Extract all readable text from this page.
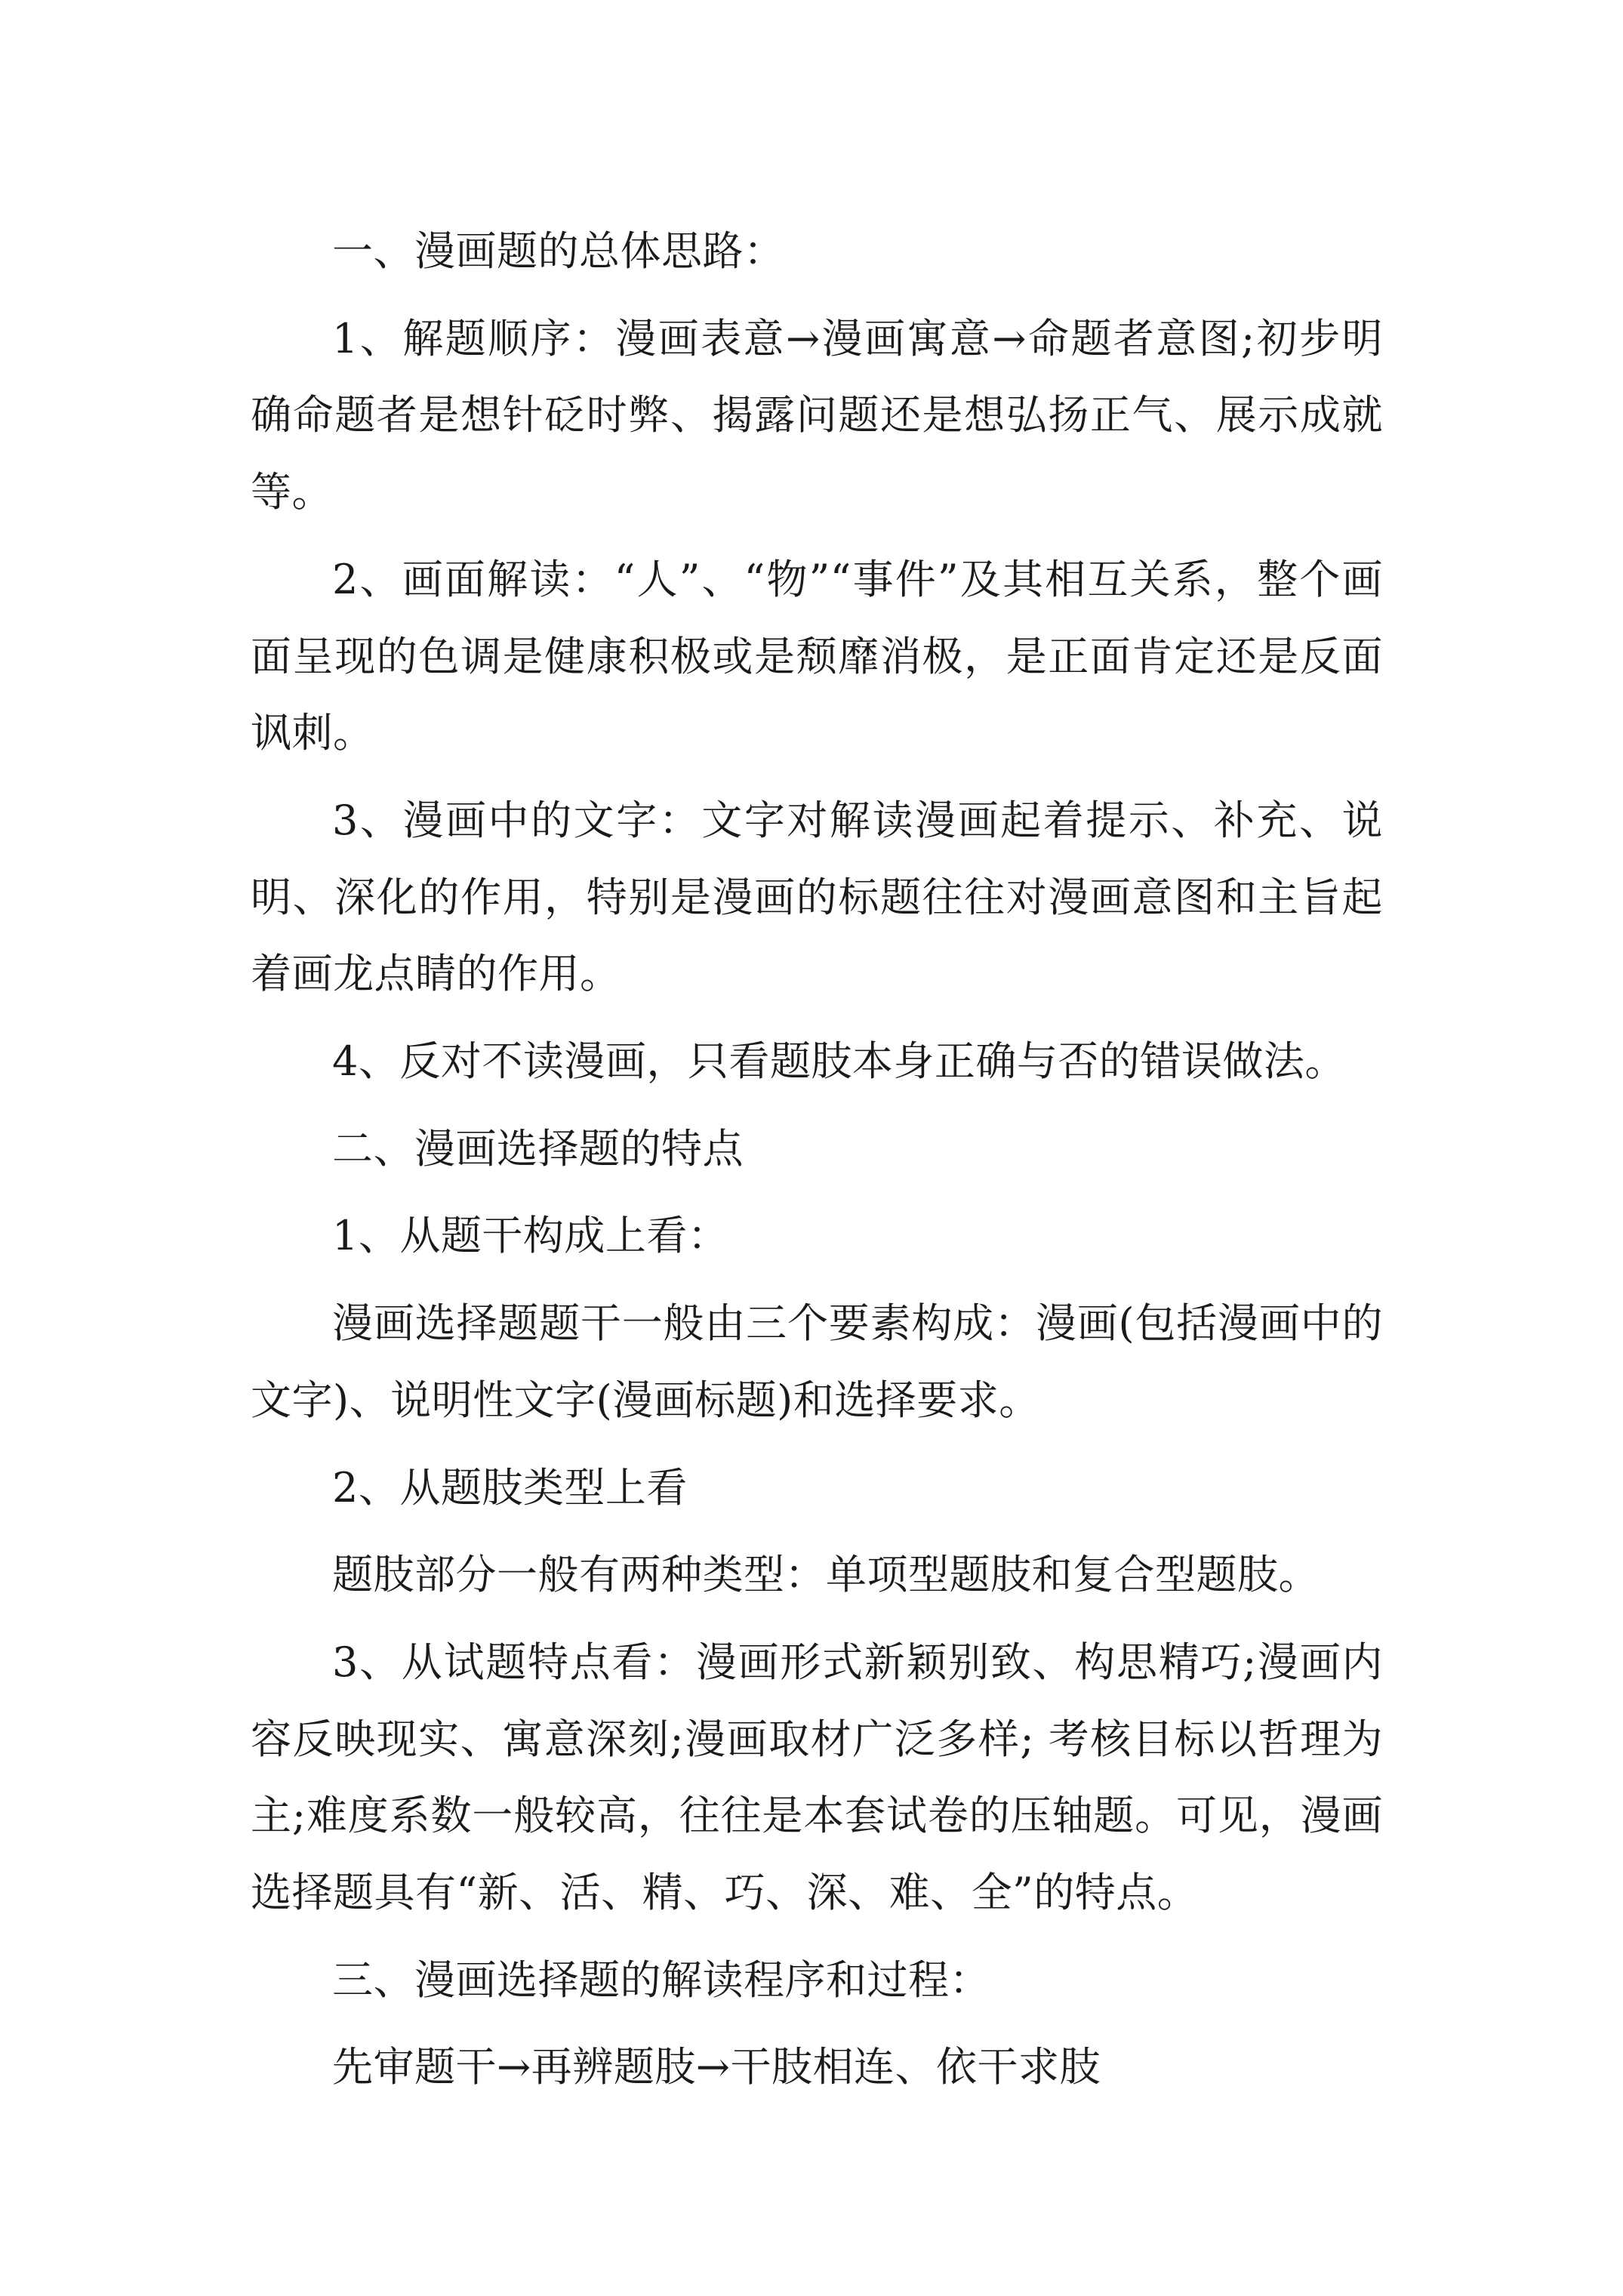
一、漫画题的总体思路：

1、解题顺序：漫画表意→漫画寓意→命题者意图;初步明确命题者是想针砭时弊、揭露问题还是想弘扬正气、展示成就等。

2、画面解读：“人”、“物”“事件”及其相互关系，整个画面呈现的色调是健康积极或是颓靡消极，是正面肯定还是反面讽刺。

3、漫画中的文字：文字对解读漫画起着提示、补充、说明、深化的作用，特别是漫画的标题往往对漫画意图和主旨起着画龙点睛的作用。

4、反对不读漫画，只看题肢本身正确与否的错误做法。

二、漫画选择题的特点

1、从题干构成上看：

漫画选择题题干一般由三个要素构成：漫画(包括漫画中的文字)、说明性文字(漫画标题)和选择要求。

2、从题肢类型上看

题肢部分一般有两种类型：单项型题肢和复合型题肢。

3、从试题特点看：漫画形式新颖别致、构思精巧;漫画内容反映现实、寓意深刻;漫画取材广泛多样; 考核目标以哲理为主;难度系数一般较高，往往是本套试卷的压轴题。可见，漫画选择题具有“新、活、精、巧、深、难、全”的特点。

三、漫画选择题的解读程序和过程：

先审题干→再辨题肢→干肢相连、依干求肢
